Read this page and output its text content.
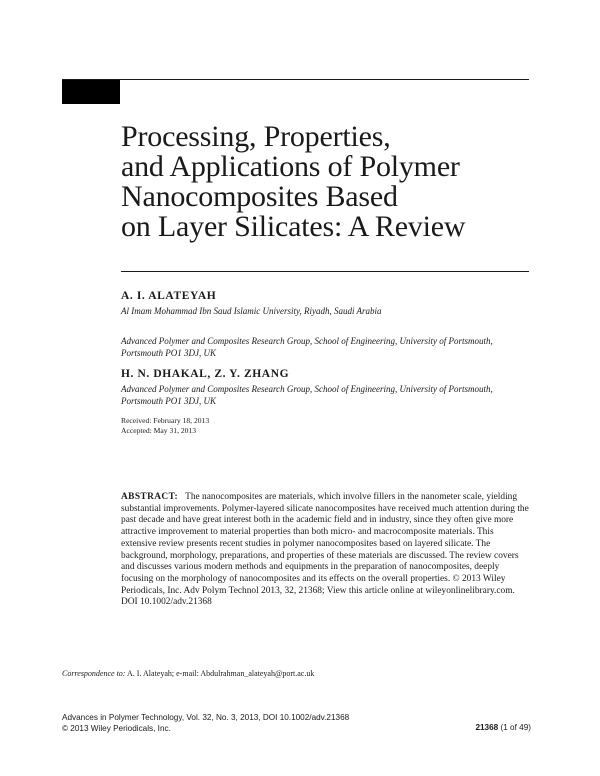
Processing, Properties,
and Applications of Polymer
Nanocomposites Based
on Layer Silicates: A Review
A. I. ALATEYAH
Al Imam Mohammad Ibn Saud Islamic University, Riyadh, Saudi Arabia
Advanced Polymer and Composites Research Group, School of Engineering, University of Portsmouth, Portsmouth PO1 3DJ, UK
H. N. DHAKAL, Z. Y. ZHANG
Advanced Polymer and Composites Research Group, School of Engineering, University of Portsmouth, Portsmouth PO1 3DJ, UK
Received: February 18, 2013
Accepted: May 31, 2013

ABSTRACT: The nanocomposites are materials, which involve fillers in the nanometer scale, yielding substantial improvements. Polymer-layered silicate nanocomposites have received much attention during the past decade and have great interest both in the academic field and in industry, since they often give more attractive improvement to material properties than both micro- and macrocomposite materials. This extensive review presents recent studies in polymer nanocomposites based on layered silicate. The background, morphology, preparations, and properties of these materials are discussed. The review covers and discusses various modern methods and equipments in the preparation of nanocomposites, deeply focusing on the morphology of nanocomposites and its effects on the overall properties. © 2013 Wiley Periodicals, Inc. Adv Polym Technol 2013, 32, 21368; View this article online at wileyonlinelibrary.com. DOI 10.1002/adv.21368

Correspondence to: A. I. Alateyah; e-mail: Abdulrahman_alateyah@port.ac.uk
Advances in Polymer Technology, Vol. 32, No. 3, 2013, DOI 10.1002/adv.21368
© 2013 Wiley Periodicals, Inc.	21368 (1 of 49)
